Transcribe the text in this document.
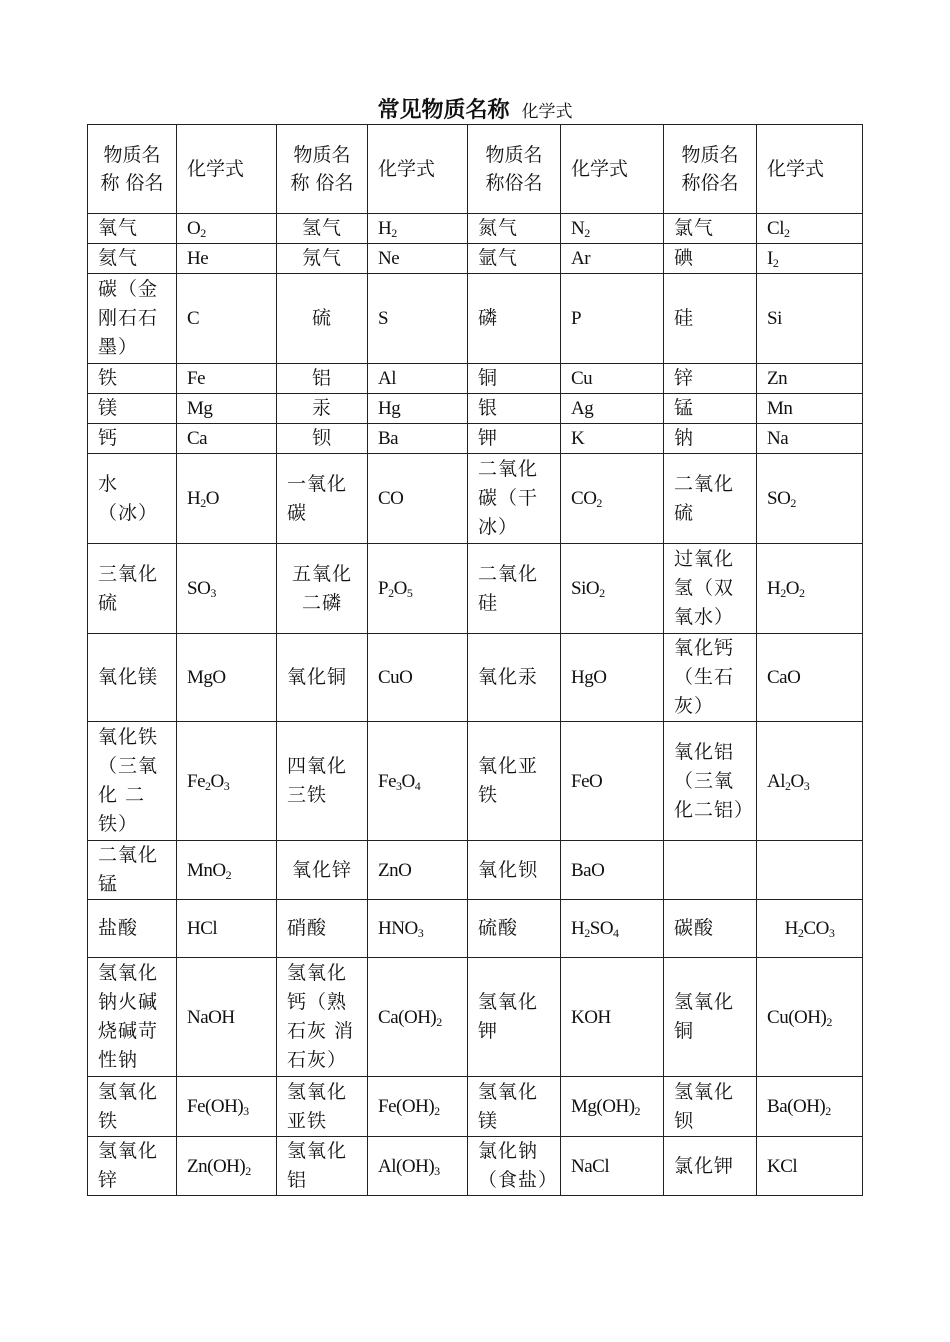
常见物质名称 化学式
物质名称 俗名	化学式	物质名称 俗名	化学式	物质名称俗名	化学式	物质名称俗名	化学式
氧气	$O_2$	氢气	$H_2$	氮气	$N_2$	氯气	$Cl_2$
氦气	He	氖气	Ne	氩气	Ar	碘	$I_2$
碳（金刚石石墨）	C	硫	S	磷	P	硅	Si
铁	Fe	铝	Al	铜	Cu	锌	Zn
镁	Mg	汞	Hg	银	Ag	锰	Mn
钙	Ca	钡	Ba	钾	K	钠	Na
水（冰）	$H_2O$	一氧化碳	CO	二氧化碳（干冰）	$CO_2$	二氧化硫	$SO_2$
三氧化硫	$SO_3$	五氧化二磷	$P_2O_5$	二氧化硅	SiO$_2$	过氧化氢（双氧水）	$H_2O_2$
氧化镁	MgO	氧化铜	CuO	氧化汞	HgO	氧化钙（生石灰）	CaO
氧化铁（三氧化 二铁）	$Fe_2O_3$	四氧化三铁	$Fe_3O_4$	氧化亚铁	FeO	氧化铝（三氧化二铝）	$Al_2O_3$
二氧化锰	MnO$_2$	氧化锌	ZnO	氧化钡	BaO		
盐酸	HCl	硝酸	$HNO_3$	硫酸	$H_2SO_4$	碳酸	$H_2CO_3$
氢氧化钠火碱烧碱苛性钠	NaOH	氢氧化钙（熟石灰 消石灰）	$Ca(OH)_2$	氢氧化钾	KOH	氢氧化铜	$Cu(OH)_2$
氢氧化铁	$Fe(OH)_3$	氢氧化亚铁	$Fe(OH)_2$	氢氧化镁	$Mg(OH)_2$	氢氧化钡	$Ba(OH)_2$
氢氧化锌	$Zn(OH)_2$	氢氧化铝	$Al(OH)_3$	氯化钠（食盐）	NaCl	氯化钾	KCl
